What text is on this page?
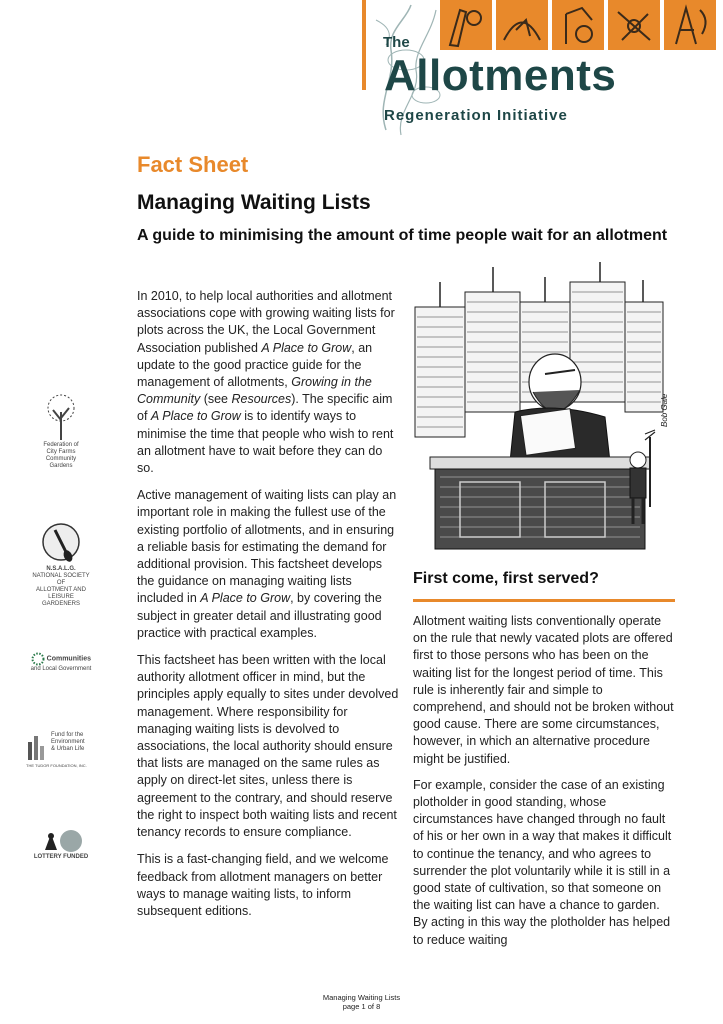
The
Allotments
Regeneration Initiative
Fact Sheet
Managing Waiting Lists
A guide to minimising the amount of time people wait for an allotment

In 2010, to help local authorities and allotment associations cope with growing waiting lists for plots across the UK, the Local Government Association published A Place to Grow, an update to the good practice guide for the management of allotments, Growing in the Community (see Resources). The specific aim of A Place to Grow is to identify ways to minimise the time that people who wish to rent an allotment have to wait before they can do so.

Active management of waiting lists can play an important role in making the fullest use of the existing portfolio of allotments, and in ensuring a reliable basis for estimating the demand for additional provision. This factsheet develops the guidance on managing waiting lists included in A Place to Grow, by covering the subject in greater detail and illustrating good practice with practical examples.

This factsheet has been written with the local authority allotment officer in mind, but the principles apply equally to sites under devolved management. Where responsibility for managing waiting lists is devolved to associations, the local authority should ensure that lists are managed on the same rules as apply on direct-let sites, unless there is agreement to the contrary, and should reserve the right to inspect both waiting lists and recent tenancy records to ensure compliance.

This is a fast-changing field, and we welcome feedback from allotment managers on better ways to manage waiting lists, to inform subsequent editions.

Bob Gale
First come, first served?

Allotment waiting lists conventionally operate on the rule that newly vacated plots are offered first to those persons who has been on the waiting list for the longest period of time. This rule is inherently fair and simple to comprehend, and should not be broken without good cause. There are some circumstances, however, in which an alternative procedure might be justified.

For example, consider the case of an existing plotholder in good standing, whose circumstances have changed through no fault of his or her own in a way that makes it difficult to continue the tenancy, and who agrees to surrender the plot voluntarily while it is still in a good state of cultivation, so that someone on the waiting list can have a chance to garden. By acting in this way the plotholder has helped to reduce waiting

Federation of
City Farms
Community
Gardens
N.S.A.L.G.
NATIONAL SOCIETY OF
ALLOTMENT AND
LEISURE GARDENERS
Communities
and Local Government
Fund for the
Environment
& Urban Life
THE TUDOR FOUNDATION, INC.
LOTTERY FUNDED
Managing Waiting Lists
page 1 of 8
